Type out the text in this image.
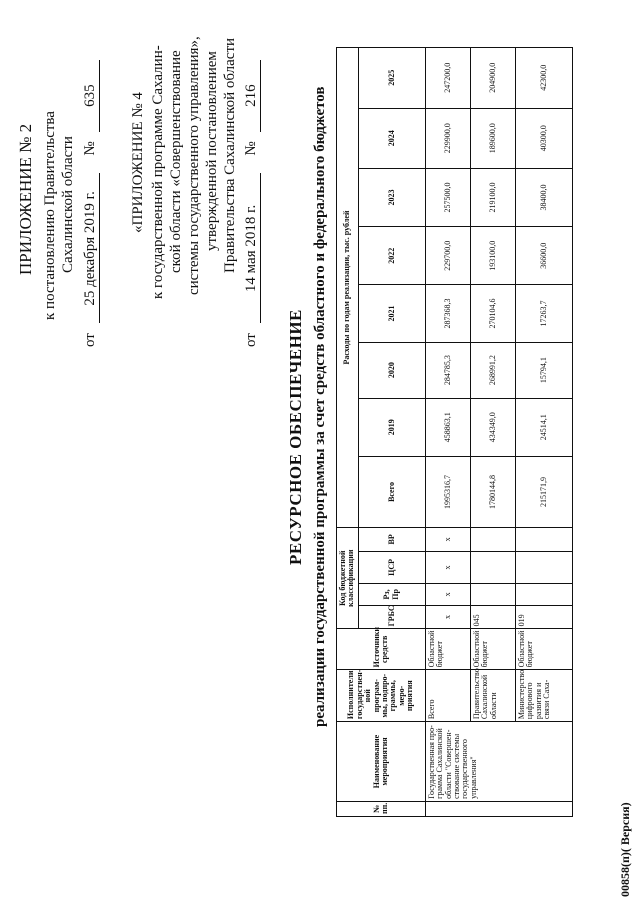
ПРИЛОЖЕНИЕ № 2 к постановлению Правительства Сахалинской области
от 25 декабря 2019 г. № 635 «ПРИЛОЖЕНИЕ № 4 к государственной программе Сахалин- ской области «Совершенствование системы государственного управления», утвержденной постановлением Правительства Сахалинской области
от 14 мая 2018 г. № 216
РЕСУРСНОЕ ОБЕСПЕЧЕНИЕ реализации государственной программы за счет средств областного и федерального бюджетов
№ пп.	Наименование мероприятия	Исполнители государствен-ной програм-мы, подпро-граммы, меро-приятия	Источники средств	Код бюджетной классификации				Расходы по годам реализации, тыс. рублей							
				ГРБС	Рз, Пр	ЦСР	ВР	Всего	2019	2020	2021	2022	2023	2024	2025

	Государственная про-грамма Сахалинской области "Совершен-ствование системы государственного управления"	Всего	Областной бюджет	х	х	х	х	1995316,7	458863,1	284785,3	287368,3	229700,0	257500,0	229900,0	247200,0
		Правительство Сахалинской области	Областной бюджет	045				1780144,8	434349,0	268991,2	270104,6	193100,0	219100,0	189600,0	204900,0
		Министерство цифрового развития и связи Саха-	Областной бюджет	019				215171,9	24514,1	15794,1	17263,7	36600,0	38400,0	40300,0	42300,0
00858(п)( Версия)
